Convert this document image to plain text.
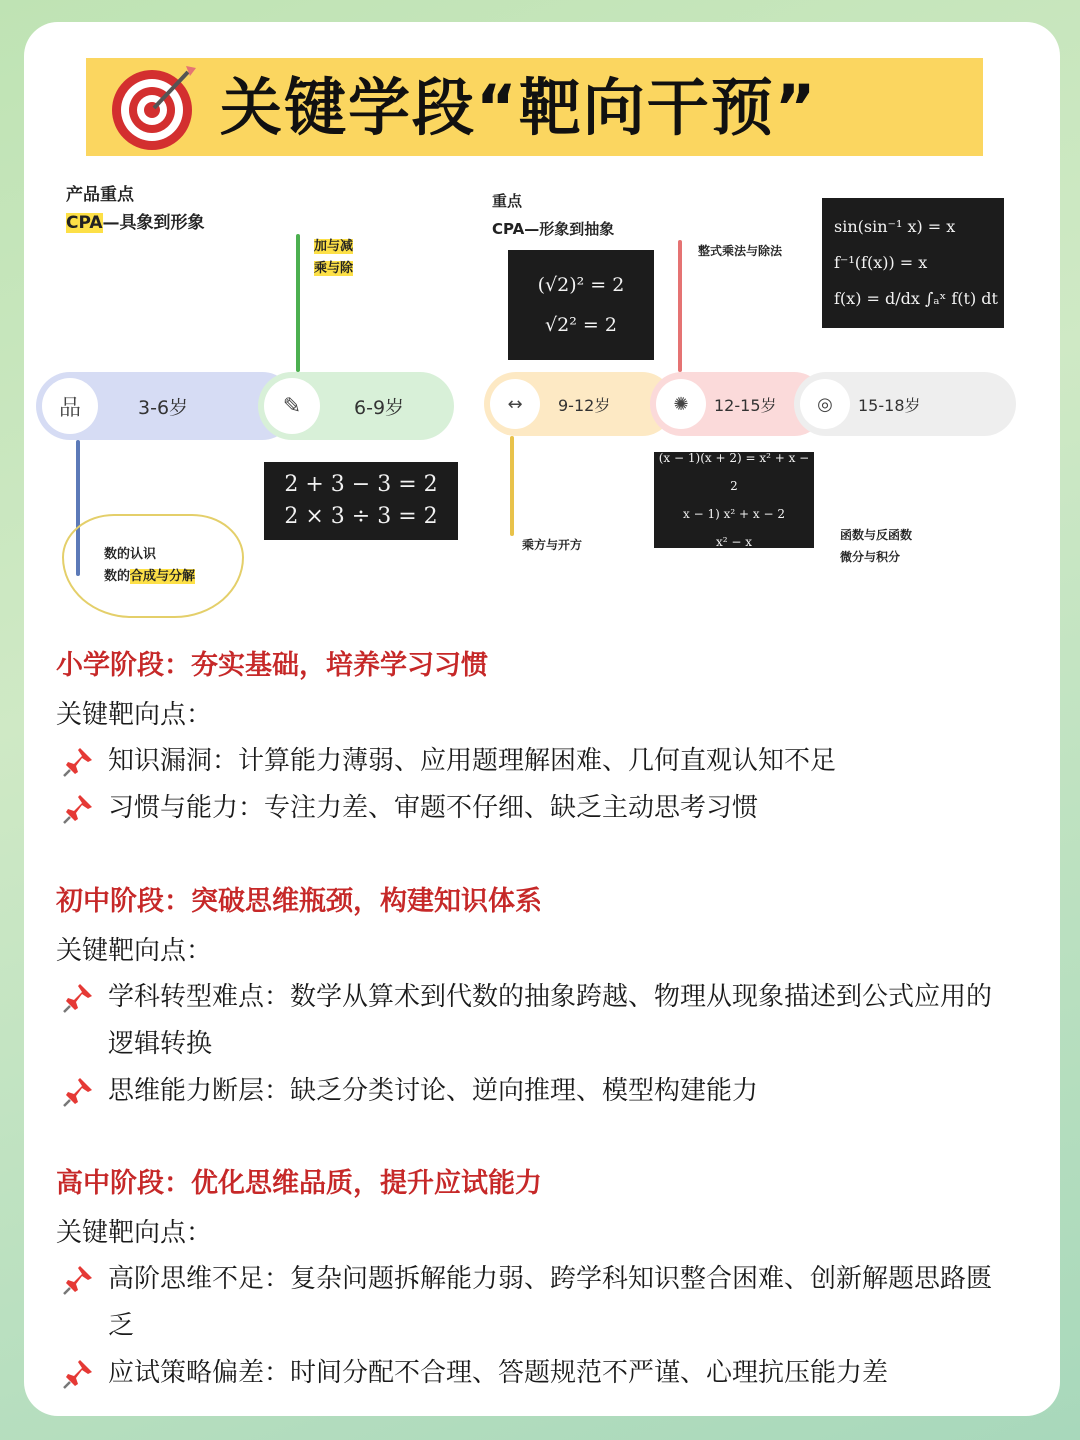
关键学段“靶向干预”
产品重点
CPA—具象到形象
加与减
乘与除
品	3-6岁	✎	6-9岁
数的认识
数的合成与分解
2 + 3 − 3 = 2
2 × 3 ÷ 3 = 2
重点
CPA—形象到抽象
(√2)² = 2
√2² = 2
整式乘法与除法
sin(sin⁻¹ x) = x
f⁻¹(f(x)) = x
f(x) = d/dx ∫ₐˣ f(t) dt
↔	9-12岁	✺	12-15岁	◎	15-18岁
乘方与开方
(x − 1)(x + 2) = x² + x − 2
x − 1) x² + x − 2
x² − x	函数与反函数
微分与积分
小学阶段：夯实基础，培养学习习惯
关键靶向点：
知识漏洞：计算能力薄弱、应用题理解困难、几何直观认知不足
习惯与能力：专注力差、审题不仔细、缺乏主动思考习惯
初中阶段：突破思维瓶颈，构建知识体系
关键靶向点：
学科转型难点：数学从算术到代数的抽象跨越、物理从现象描述到公式应用的逻辑转换
思维能力断层：缺乏分类讨论、逆向推理、模型构建能力
高中阶段：优化思维品质，提升应试能力
关键靶向点：
高阶思维不足：复杂问题拆解能力弱、跨学科知识整合困难、创新解题思路匮乏
应试策略偏差：时间分配不合理、答题规范不严谨、心理抗压能力差
